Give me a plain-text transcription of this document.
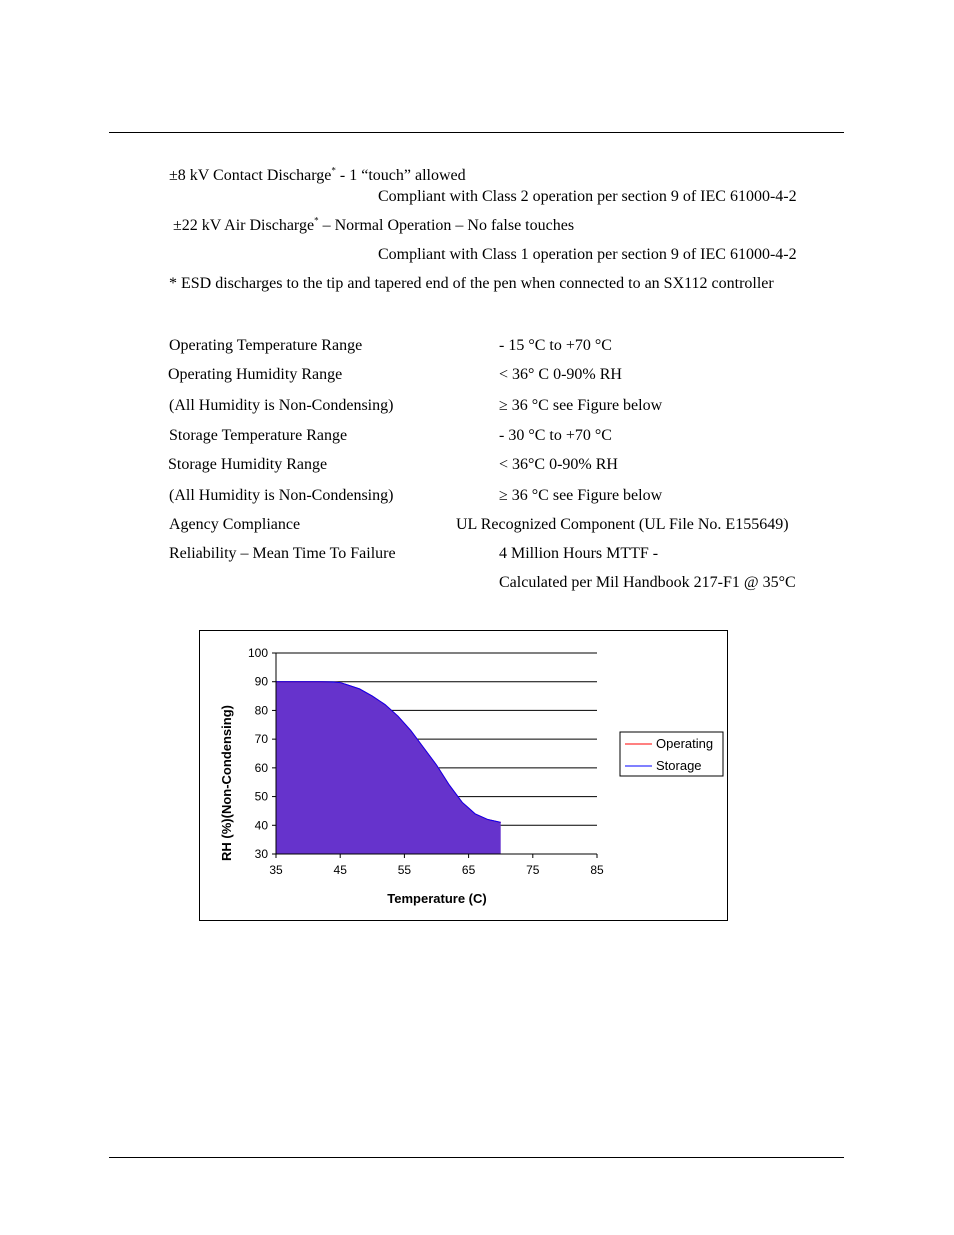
±8 kV Contact Discharge* - 1 “touch” allowed
Compliant with Class 2 operation per section 9 of IEC 61000-4-2
±22 kV Air Discharge* – Normal Operation – No false touches
Compliant with Class 1 operation per section 9 of IEC 61000-4-2
* ESD discharges to the tip and tapered end of the pen when connected to an SX112 controller
Operating Temperature Range	- 15 °C to +70 °C
Operating Humidity Range	< 36° C 0-90% RH
(All Humidity is Non-Condensing)	≥ 36 °C see Figure below
Storage Temperature Range	- 30 °C to +70 °C
Storage Humidity Range	< 36°C 0-90% RH
(All Humidity is Non-Condensing)	≥ 36 °C see Figure below
Agency Compliance	UL Recognized Component (UL File No. E155649)
Reliability – Mean Time To Failure	4 Million Hours MTTF -
Calculated per Mil Handbook 217-F1 @ 35°C
30
40
50
60
70
80
90
100
35	45	55	65	75	85
Temperature (C)
RH (%)(Non-Condensing)	Operating
Storage
